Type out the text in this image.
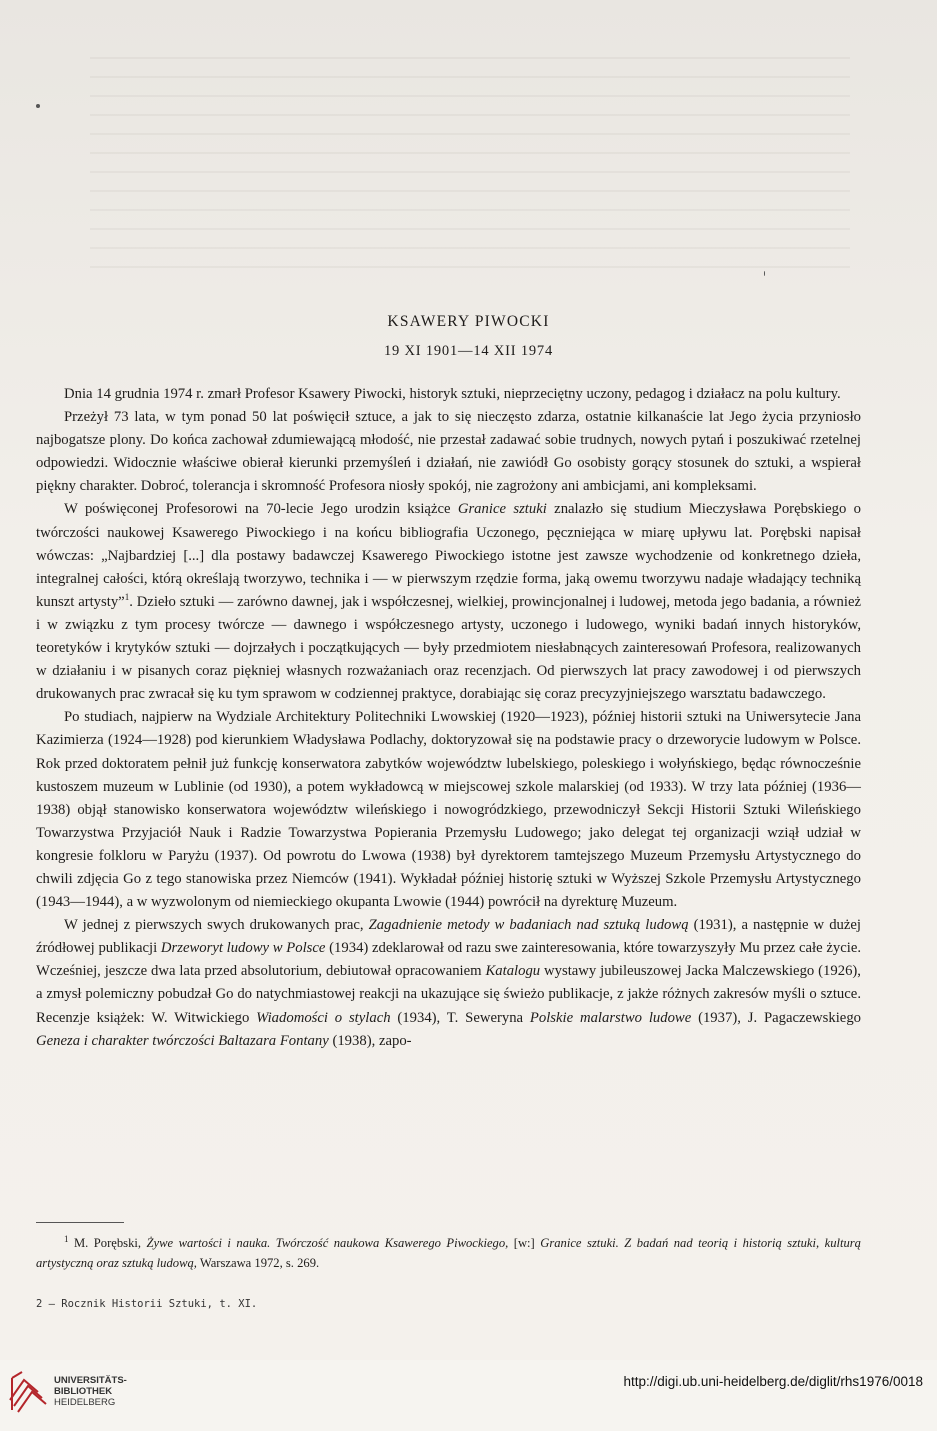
KSAWERY PIWOCKI
19 XI 1901—14 XII 1974

Dnia 14 grudnia 1974 r. zmarł Profesor Ksawery Piwocki, historyk sztuki, nieprzeciętny uczony, pedagog i działacz na polu kultury.

Przeżył 73 lata, w tym ponad 50 lat poświęcił sztuce, a jak to się nieczęsto zdarza, ostatnie kilkanaście lat Jego życia przyniosło najbogatsze plony. Do końca zachował zdumiewającą młodość, nie przestał zadawać sobie trudnych, nowych pytań i poszukiwać rzetelnej odpowiedzi. Widocznie właściwe obierał kierunki przemyśleń i działań, nie zawiódł Go osobisty gorący stosunek do sztuki, a wspierał piękny charakter. Dobroć, tolerancja i skromność Profesora niosły spokój, nie zagrożony ani ambicjami, ani kompleksami.

W poświęconej Profesorowi na 70-lecie Jego urodzin książce Granice sztuki znalazło się studium Mieczysława Porębskiego o twórczości naukowej Ksawerego Piwockiego i na końcu bibliografia Uczonego, pęczniejąca w miarę upływu lat. Porębski napisał wówczas: „Najbardziej [...] dla postawy badawczej Ksawerego Piwockiego istotne jest zawsze wychodzenie od konkretnego dzieła, integralnej całości, którą określają tworzywo, technika i — w pierwszym rzędzie forma, jaką owemu tworzywu nadaje władający techniką kunszt artysty”$^1$. Dzieło sztuki — zarówno dawnej, jak i współczesnej, wielkiej, prowincjonalnej i ludowej, metoda jego badania, a również i w związku z tym procesy twórcze — dawnego i współczesnego artysty, uczonego i ludowego, wyniki badań innych historyków, teoretyków i krytyków sztuki — dojrzałych i początkujących — były przedmiotem niesłabnących zainteresowań Profesora, realizowanych w działaniu i w pisanych coraz piękniej własnych rozważaniach oraz recenzjach. Od pierwszych lat pracy zawodowej i od pierwszych drukowanych prac zwracał się ku tym sprawom w codziennej praktyce, dorabiając się coraz precyzyjniejszego warsztatu badawczego.

Po studiach, najpierw na Wydziale Architektury Politechniki Lwowskiej (1920—1923), później historii sztuki na Uniwersytecie Jana Kazimierza (1924—1928) pod kierunkiem Władysława Podlachy, doktoryzował się na podstawie pracy o drzeworycie ludowym w Polsce. Rok przed doktoratem pełnił już funkcję konserwatora zabytków województw lubelskiego, poleskiego i wołyńskiego, będąc równocześnie kustoszem muzeum w Lublinie (od 1930), a potem wykładowcą w miejscowej szkole malarskiej (od 1933). W trzy lata później (1936—1938) objął stanowisko konserwatora województw wileńskiego i nowogródzkiego, przewodniczył Sekcji Historii Sztuki Wileńskiego Towarzystwa Przyjaciół Nauk i Radzie Towarzystwa Popierania Przemysłu Ludowego; jako delegat tej organizacji wziął udział w kongresie folkloru w Paryżu (1937). Od powrotu do Lwowa (1938) był dyrektorem tamtejszego Muzeum Przemysłu Artystycznego do chwili zdjęcia Go z tego stanowiska przez Niemców (1941). Wykładał później historię sztuki w Wyższej Szkole Przemysłu Artystycznego (1943—1944), a w wyzwolonym od niemieckiego okupanta Lwowie (1944) powrócił na dyrekturę Muzeum.

W jednej z pierwszych swych drukowanych prac, Zagadnienie metody w badaniach nad sztuką ludową (1931), a następnie w dużej źródłowej publikacji Drzeworyt ludowy w Polsce (1934) zdeklarował od razu swe zainteresowania, które towarzyszyły Mu przez całe życie. Wcześniej, jeszcze dwa lata przed absolutorium, debiutował opracowaniem Katalogu wystawy jubileuszowej Jacka Malczewskiego (1926), a zmysł polemiczny pobudzał Go do natychmiastowej reakcji na ukazujące się świeżo publikacje, z jakże różnych zakresów myśli o sztuce. Recenzje książek: W. Witwickiego Wiadomości o stylach (1934), T. Seweryna Polskie malarstwo ludowe (1937), J. Pagaczewskiego Geneza i charakter twórczości Baltazara Fontany (1938), zapo-

$^1$ M. Porębski, Żywe wartości i nauka. Twórczość naukowa Ksawerego Piwockiego, [w:] Granice sztuki. Z badań nad teorią i historią sztuki, kulturą artystyczną oraz sztuką ludową, Warszawa 1972, s. 269.

2 — Rocznik Historii Sztuki, t. XI.
UNIVERSITÄTS-
BIBLIOTHEK
HEIDELBERG
http://digi.ub.uni-heidelberg.de/diglit/rhs1976/0018
